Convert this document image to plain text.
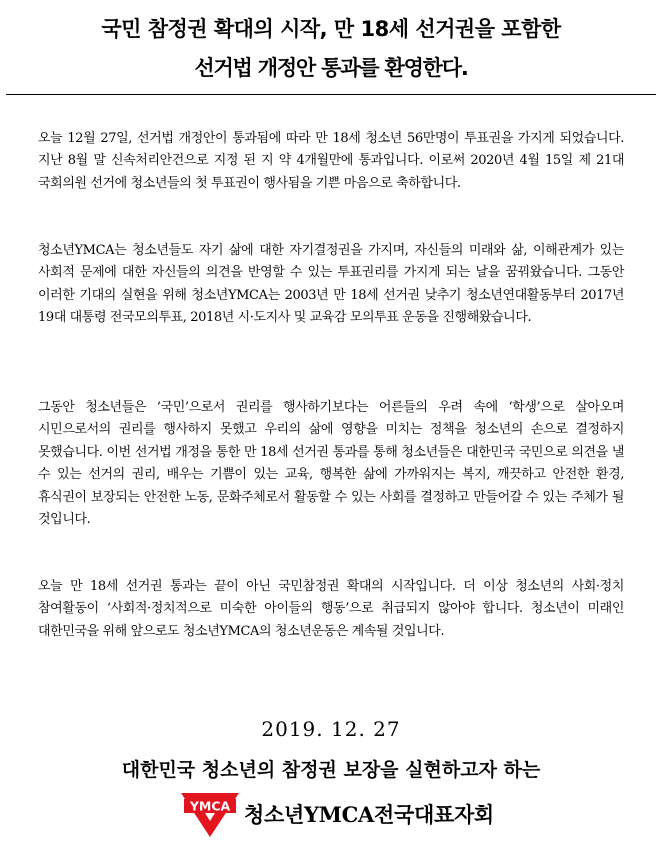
국민 참정권 확대의 시작, 만 18세 선거권을 포함한
선거법 개정안 통과를 환영한다.
오늘 12월 27일, 선거법 개정안이 통과됨에 따라 만 18세 청소년 56만명이 투표권을 가지게 되었습니다. 지난 8월 말 신속처리안건으로 지정 된 지 약 4개월만에 통과입니다. 이로써 2020년 4월 15일 제 21대 국회의원 선거에 청소년들의 첫 투표권이 행사됨을 기쁜 마음으로 축하합니다.
청소년YMCA는 청소년들도 자기 삶에 대한 자기결정권을 가지며, 자신들의 미래와 삶, 이해관계가 있는 사회적 문제에 대한 자신들의 의견을 반영할 수 있는 투표권리를 가지게 되는 날을 꿈꿔왔습니다. 그동안 이러한 기대의 실현을 위해 청소년YMCA는 2003년 만 18세 선거권 낮추기 청소년연대활동부터 2017년 19대 대통령 전국모의투표, 2018년 시·도지사 및 교육감 모의투표 운동을 진행해왔습니다.
그동안 청소년들은 ‘국민’으로서 권리를 행사하기보다는 어른들의 우려 속에 ‘학생’으로 살아오며 시민으로서의 권리를 행사하지 못했고 우리의 삶에 영향을 미치는 정책을 청소년의 손으로 결정하지 못했습니다. 이번 선거법 개정을 통한 만 18세 선거권 통과를 통해 청소년들은 대한민국 국민으로 의견을 낼 수 있는 선거의 권리, 배우는 기쁨이 있는 교육, 행복한 삶에 가까워지는 복지, 깨끗하고 안전한 환경, 휴식권이 보장되는 안전한 노동, 문화주체로서 활동할 수 있는 사회를 결정하고 만들어갈 수 있는 주체가 될 것입니다.
오늘 만 18세 선거권 통과는 끝이 아닌 국민참정권 확대의 시작입니다. 더 이상 청소년의 사회·정치 참여활동이 ‘사회적·정치적으로 미숙한 아이들의 행동’으로 취급되지 않아야 합니다. 청소년이 미래인 대한민국을 위해 앞으로도 청소년YMCA의 청소년운동은 계속될 것입니다.
2019. 12. 27
대한민국 청소년의 참정권 보장을 실현하고자 하는
YMCA 청소년YMCA전국대표자회
